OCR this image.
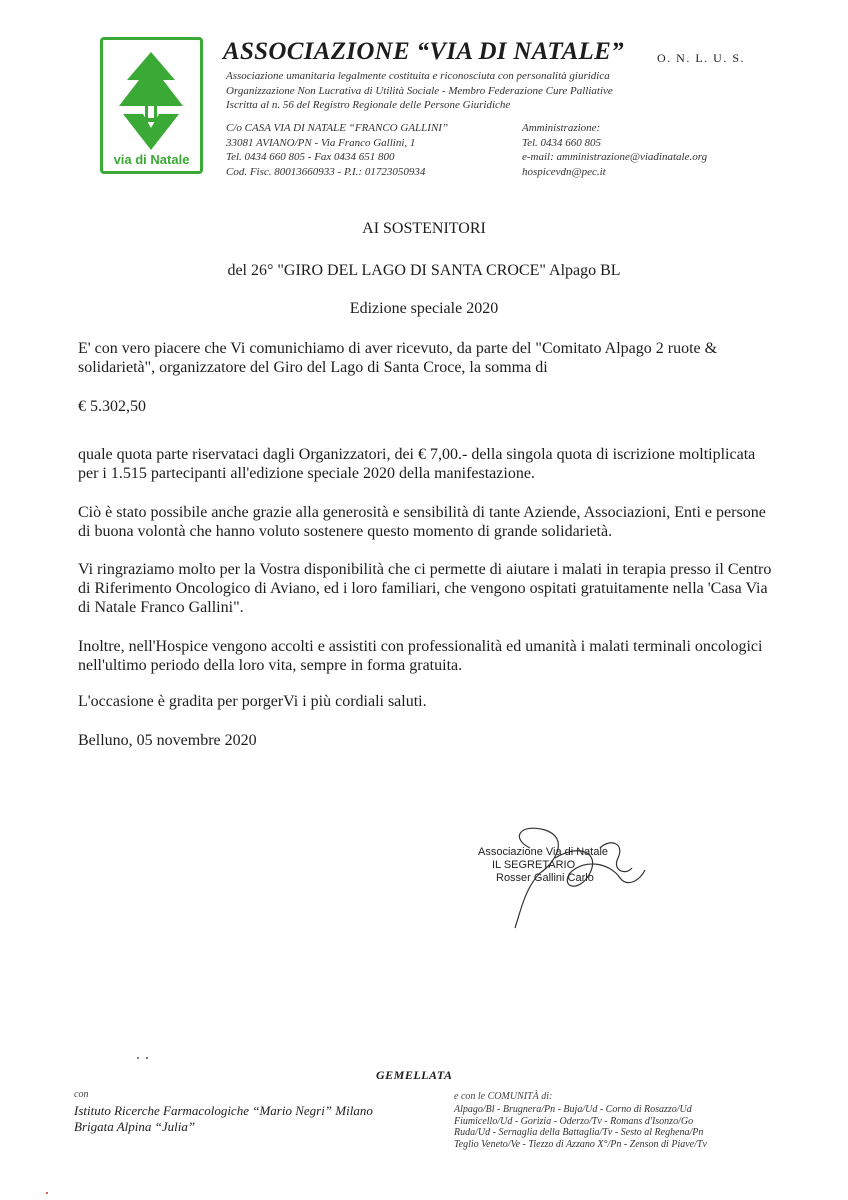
via di Natale
ASSOCIAZIONE “VIA DI NATALE”	O. N. L. U. S.
Associazione umanitaria legalmente costituita e riconosciuta con personalità giuridica
Organizzazione Non Lucrativa di Utilità Sociale - Membro Federazione Cure Palliative
Iscritta al n. 56 del Registro Regionale delle Persone Giuridiche
C/o CASA VIA DI NATALE “FRANCO GALLINI”
33081 AVIANO/PN - Via Franco Gallini, 1
Tel. 0434 660 805 - Fax 0434 651 800
Cod. Fisc. 80013660933 - P.I.: 01723050934
Amministrazione:
Tel. 0434 660 805
e-mail: amministrazione@viadinatale.org
hospicevdn@pec.it
AI SOSTENITORI
del 26° "GIRO DEL LAGO DI SANTA CROCE" Alpago BL
Edizione speciale 2020
E' con vero piacere che Vi comunichiamo di aver ricevuto, da parte del "Comitato Alpago 2 ruote & solidarietà", organizzatore del Giro del Lago di Santa Croce, la somma di
€ 5.302,50
quale quota parte riservataci dagli Organizzatori, dei € 7,00.- della singola quota di iscrizione moltiplicata per i 1.515 partecipanti all'edizione speciale 2020 della manifestazione.
Ciò è stato possibile anche grazie alla generosità e sensibilità di tante Aziende, Associazioni, Enti e persone di buona volontà che hanno voluto sostenere questo momento di grande solidarietà.
Vi ringraziamo molto per la Vostra disponibilità che ci permette di aiutare i malati in terapia presso il Centro di Riferimento Oncologico di Aviano, ed i loro familiari, che vengono ospitati gratuitamente nella 'Casa Via di Natale Franco Gallini".
Inoltre, nell'Hospice vengono accolti e assistiti con professionalità ed umanità i malati terminali oncologici nell'ultimo periodo della loro vita, sempre in forma gratuita.
L'occasione è gradita per porgerVi i più cordiali saluti.
Belluno, 05 novembre 2020
Associazione Via di Natale
IL SEGRETARIO
Rosser Gallini Carlo
GEMELLATA
con
Istituto Ricerche Farmacologiche “Mario Negri” Milano
Brigata Alpina “Julia”
e con le COMUNITÀ di:
Alpago/Bl - Brugnera/Pn - Buja/Ud - Corno di Rosazzo/Ud
Fiumicello/Ud - Gorizia - Oderzo/Tv - Romans d'Isonzo/Go
Ruda/Ud - Sernaglia della Battaglia/Tv - Sesto al Reghena/Pn
Teglio Veneto/Ve - Tiezzo di Azzano X°/Pn - Zenson di Piave/Tv
